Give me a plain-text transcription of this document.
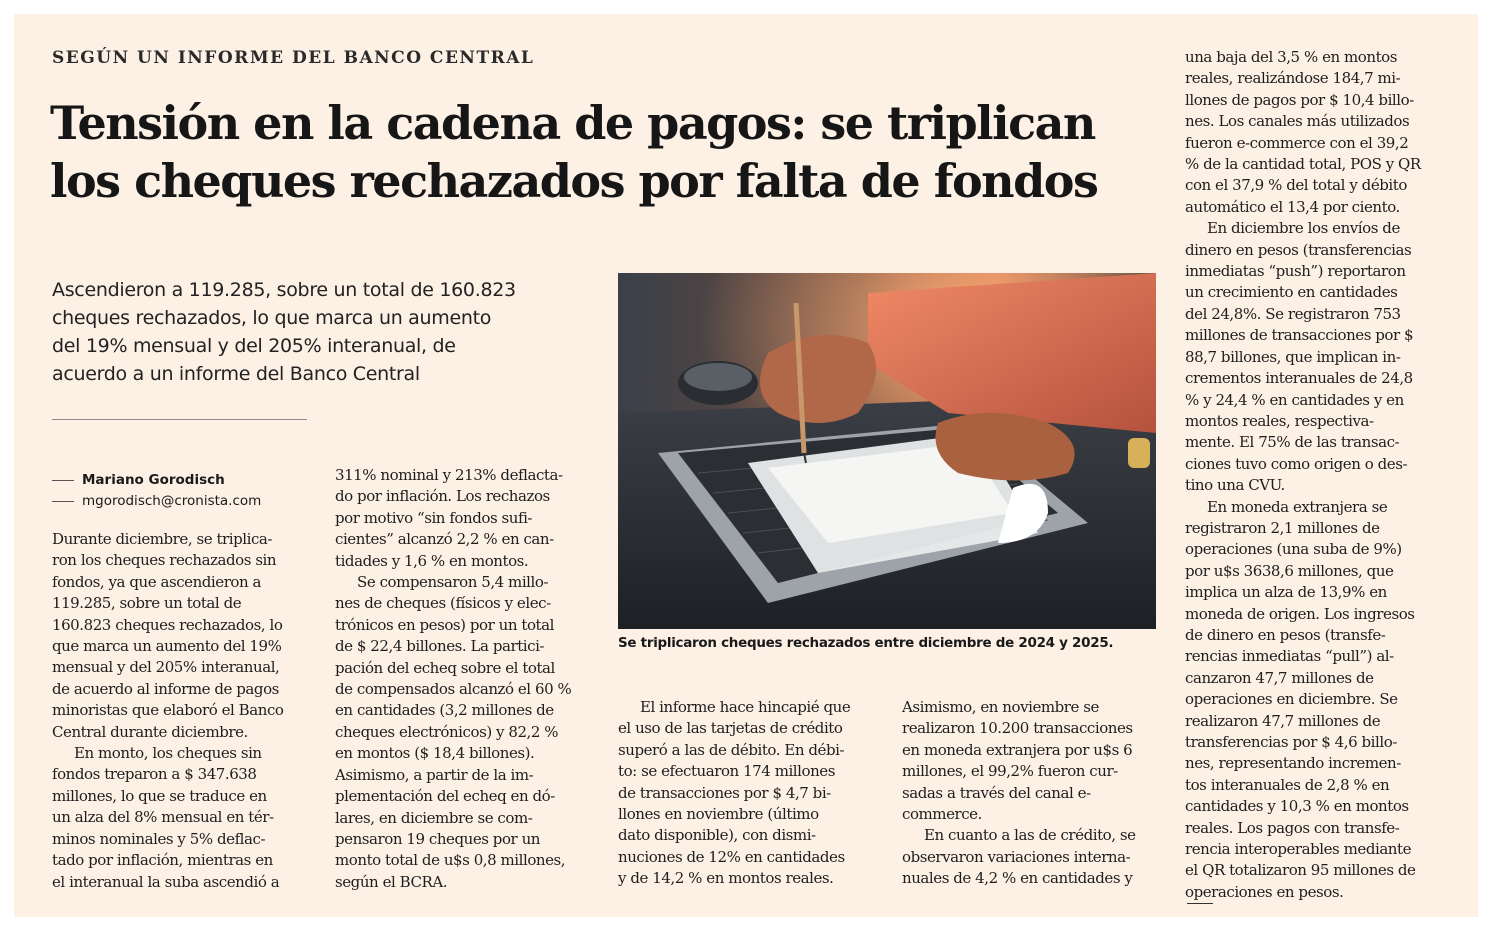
SEGÚN UN INFORME DEL BANCO CENTRAL
Tensión en la cadena de pagos: se triplican
los cheques rechazados por falta de fondos
Ascendieron a 119.285, sobre un total de 160.823
cheques rechazados, lo que marca un aumento
del 19% mensual y del 205% interanual, de
acuerdo a un informe del Banco Central
Mariano Gorodisch
mgorodisch@cronista.com
Durante diciembre, se triplica-
ron los cheques rechazados sin
fondos, ya que ascendieron a
119.285, sobre un total de
160.823 cheques rechazados, lo
que marca un aumento del 19%
mensual y del 205% interanual,
de acuerdo al informe de pagos
minoristas que elaboró el Banco
Central durante diciembre.
En monto, los cheques sin
fondos treparon a $ 347.638
millones, lo que se traduce en
un alza del 8% mensual en tér-
minos nominales y 5% deflac-
tado por inflación, mientras en
el interanual la suba ascendió a
311% nominal y 213% deflacta-
do por inflación. Los rechazos
por motivo “sin fondos sufi-
cientes” alcanzó 2,2 % en can-
tidades y 1,6 % en montos.
Se compensaron 5,4 millo-
nes de cheques (físicos y elec-
trónicos en pesos) por un total
de $ 22,4 billones. La partici-
pación del echeq sobre el total
de compensados alcanzó el 60 %
en cantidades (3,2 millones de
cheques electrónicos) y 82,2 %
en montos ($ 18,4 billones).
Asimismo, a partir de la im-
plementación del echeq en dó-
lares, en diciembre se com-
pensaron 19 cheques por un
monto total de u$s 0,8 millones,
según el BCRA.
Se triplicaron cheques rechazados entre diciembre de 2024 y 2025.
El informe hace hincapié que
el uso de las tarjetas de crédito
superó a las de débito. En débi-
to: se efectuaron 174 millones
de transacciones por $ 4,7 bi-
llones en noviembre (último
dato disponible), con dismi-
nuciones de 12% en cantidades
y de 14,2 % en montos reales.
Asimismo, en noviembre se
realizaron 10.200 transacciones
en moneda extranjera por u$s 6
millones, el 99,2% fueron cur-
sadas a través del canal e-
commerce.
En cuanto a las de crédito, se
observaron variaciones interna-
nuales de 4,2 % en cantidades y
una baja del 3,5 % en montos
reales, realizándose 184,7 mi-
llones de pagos por $ 10,4 billo-
nes. Los canales más utilizados
fueron e-commerce con el 39,2
% de la cantidad total, POS y QR
con el 37,9 % del total y débito
automático el 13,4 por ciento.
En diciembre los envíos de
dinero en pesos (transferencias
inmediatas “push”) reportaron
un crecimiento en cantidades
del 24,8%. Se registraron 753
millones de transacciones por $
88,7 billones, que implican in-
crementos interanuales de 24,8
% y 24,4 % en cantidades y en
montos reales, respectiva-
mente. El 75% de las transac-
ciones tuvo como origen o des-
tino una CVU.
En moneda extranjera se
registraron 2,1 millones de
operaciones (una suba de 9%)
por u$s 3638,6 millones, que
implica un alza de 13,9% en
moneda de origen. Los ingresos
de dinero en pesos (transfe-
rencias inmediatas “pull”) al-
canzaron 47,7 millones de
operaciones en diciembre. Se
realizaron 47,7 millones de
transferencias por $ 4,6 billo-
nes, representando incremen-
tos interanuales de 2,8 % en
cantidades y 10,3 % en montos
reales. Los pagos con transfe-
rencia interoperables mediante
el QR totalizaron 95 millones de
operaciones en pesos.
